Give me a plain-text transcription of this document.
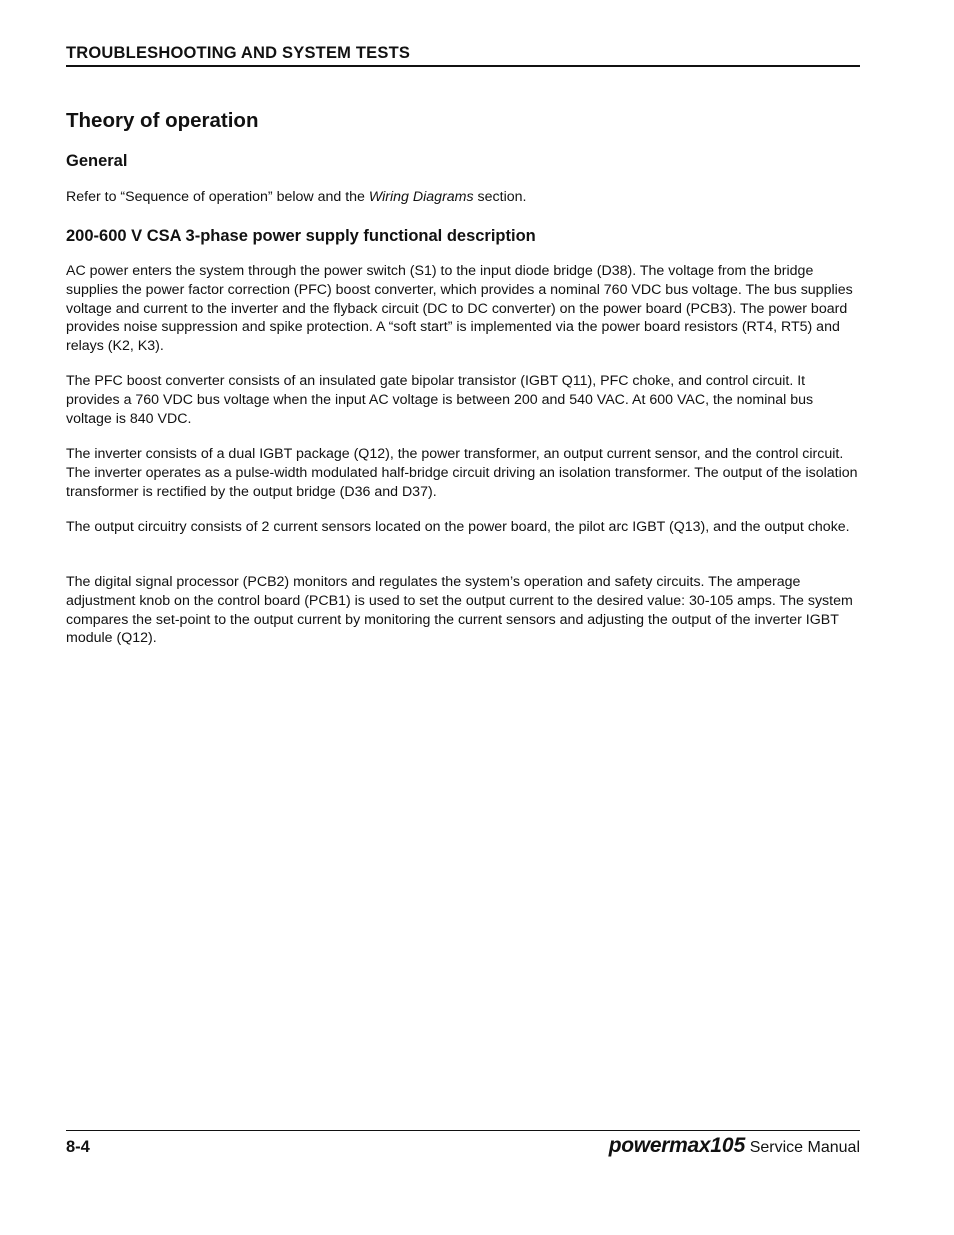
TROUBLESHOOTING AND SYSTEM TESTS
Theory of operation
General

Refer to “Sequence of operation” below and the Wiring Diagrams section.

200-600 V CSA 3-phase power supply functional description

AC power enters the system through the power switch (S1) to the input diode bridge (D38). The voltage from the bridge supplies the power factor correction (PFC) boost converter, which provides a nominal 760 VDC bus voltage. The bus supplies voltage and current to the inverter and the flyback circuit (DC to DC converter) on the power board (PCB3). The power board provides noise suppression and spike protection. A “soft start” is implemented via the power board resistors (RT4, RT5) and relays (K2, K3).

The PFC boost converter consists of an insulated gate bipolar transistor (IGBT Q11), PFC choke, and control circuit. It provides a 760 VDC bus voltage when the input AC voltage is between 200 and 540 VAC. At 600 VAC, the nominal bus voltage is 840 VDC.

The inverter consists of a dual IGBT package (Q12), the power transformer, an output current sensor, and the control circuit. The inverter operates as a pulse-width modulated half-bridge circuit driving an isolation transformer. The output of the isolation transformer is rectified by the output bridge (D36 and D37).

The output circuitry consists of 2 current sensors located on the power board, the pilot arc IGBT (Q13), and the output choke.

The digital signal processor (PCB2) monitors and regulates the system’s operation and safety circuits. The amperage adjustment knob on the control board (PCB1) is used to set the output current to the desired value: 30-105 amps. The system compares the set-point to the output current by monitoring the current sensors and adjusting the output of the inverter IGBT module (Q12).

8-4	powermax105 Service Manual
